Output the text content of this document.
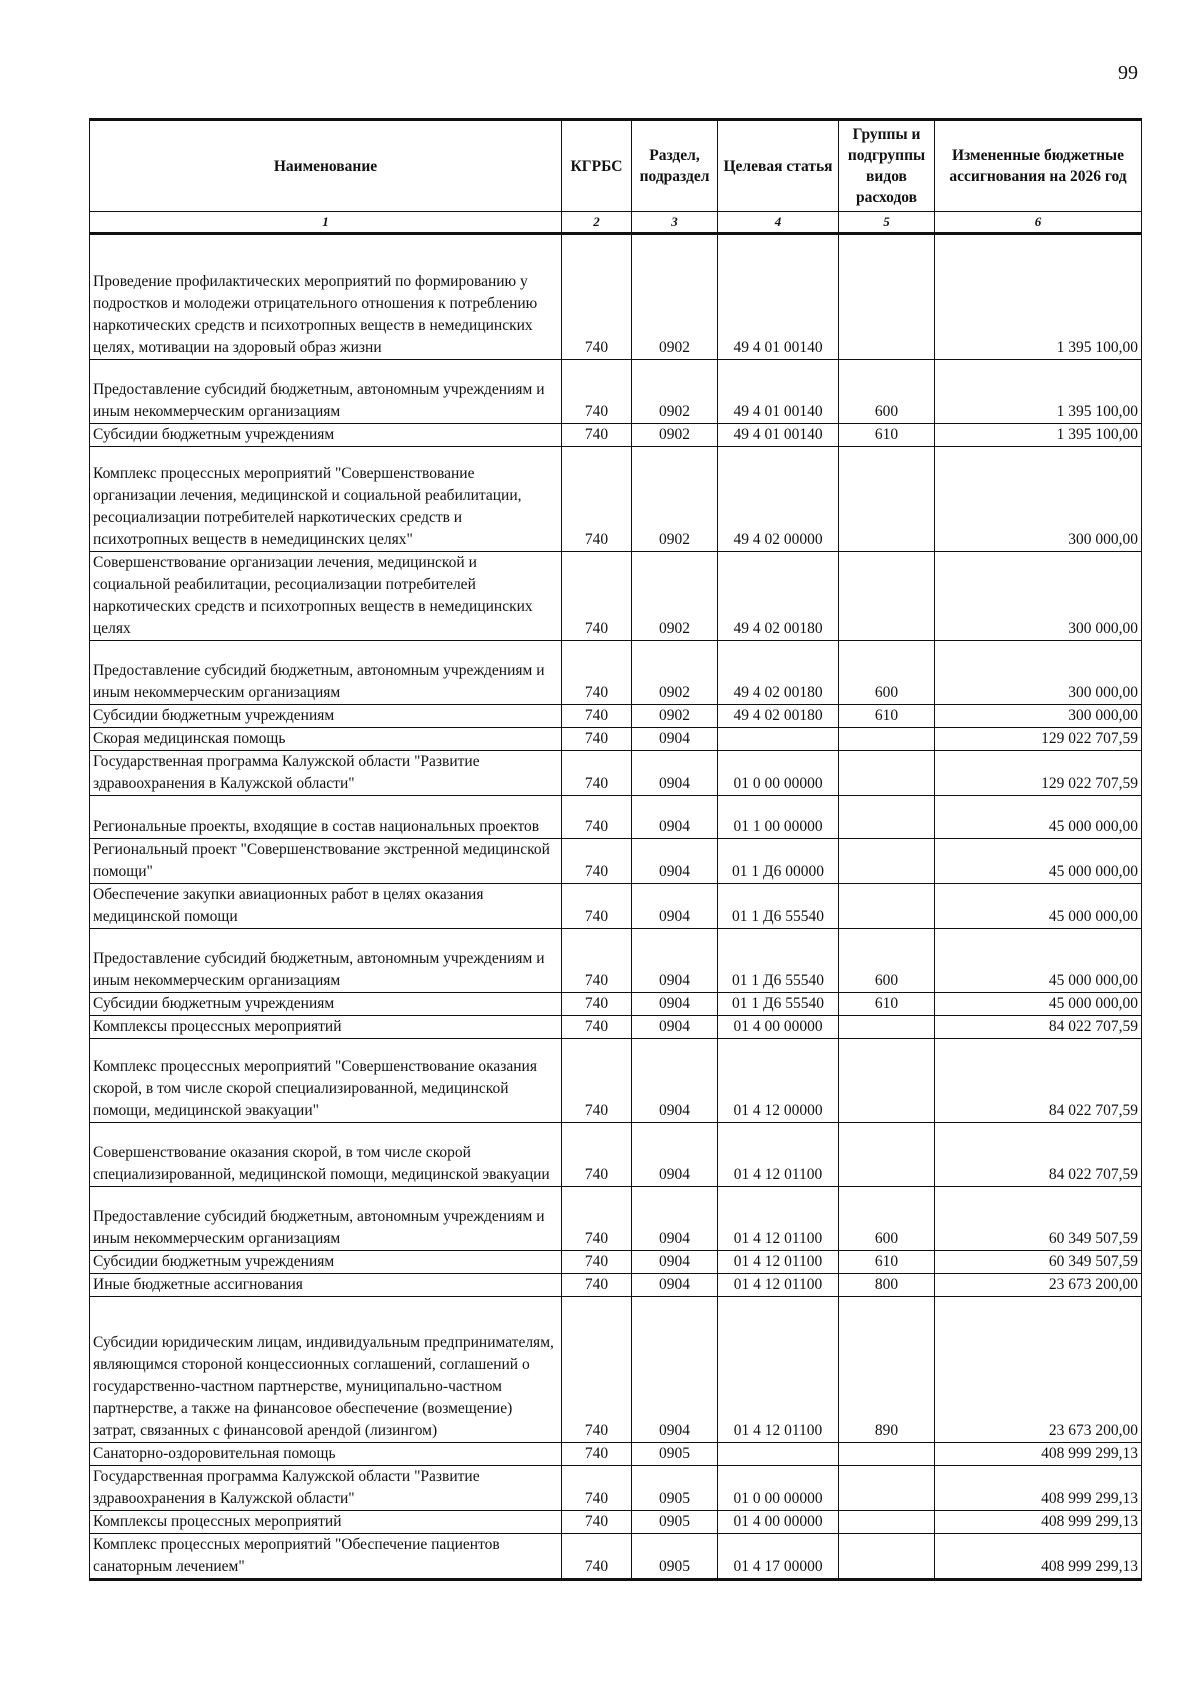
99
Наименование	КГРБС	Раздел, подраздел	Целевая статья	Группы и подгруппы видов расходов	Измененные бюджетные ассигнования на 2026 год
1	2	3	4	5	6
Проведение профилактических мероприятий по формированию у подростков и молодежи отрицательного отношения к потреблению наркотических средств и психотропных веществ в немедицинских целях, мотивации на здоровый образ жизни	740	0902	49 4 01 00140		1 395 100,00
Предоставление субсидий бюджетным, автономным учреждениям и иным некоммерческим организациям	740	0902	49 4 01 00140	600	1 395 100,00
Субсидии бюджетным учреждениям	740	0902	49 4 01 00140	610	1 395 100,00
Комплекс процессных мероприятий "Совершенствование организации лечения, медицинской и социальной реабилитации, ресоциализации потребителей наркотических средств и психотропных веществ в немедицинских целях"	740	0902	49 4 02 00000		300 000,00
Совершенствование организации лечения, медицинской и социальной реабилитации, ресоциализации потребителей наркотических средств и психотропных веществ в немедицинских целях	740	0902	49 4 02 00180		300 000,00
Предоставление субсидий бюджетным, автономным учреждениям и иным некоммерческим организациям	740	0902	49 4 02 00180	600	300 000,00
Субсидии бюджетным учреждениям	740	0902	49 4 02 00180	610	300 000,00
Скорая медицинская помощь	740	0904			129 022 707,59
Государственная программа Калужской области "Развитие здравоохранения в Калужской области"	740	0904	01 0 00 00000		129 022 707,59
Региональные проекты, входящие в состав национальных проектов	740	0904	01 1 00 00000		45 000 000,00
Региональный проект "Совершенствование экстренной медицинской помощи"	740	0904	01 1 Д6 00000		45 000 000,00
Обеспечение закупки авиационных работ в целях оказания медицинской помощи	740	0904	01 1 Д6 55540		45 000 000,00
Предоставление субсидий бюджетным, автономным учреждениям и иным некоммерческим организациям	740	0904	01 1 Д6 55540	600	45 000 000,00
Субсидии бюджетным учреждениям	740	0904	01 1 Д6 55540	610	45 000 000,00
Комплексы процессных мероприятий	740	0904	01 4 00 00000		84 022 707,59
Комплекс процессных мероприятий "Совершенствование оказания скорой, в том числе скорой специализированной, медицинской помощи, медицинской эвакуации"	740	0904	01 4 12 00000		84 022 707,59
Совершенствование оказания скорой, в том числе скорой специализированной, медицинской помощи, медицинской эвакуации	740	0904	01 4 12 01100		84 022 707,59
Предоставление субсидий бюджетным, автономным учреждениям и иным некоммерческим организациям	740	0904	01 4 12 01100	600	60 349 507,59
Субсидии бюджетным учреждениям	740	0904	01 4 12 01100	610	60 349 507,59
Иные бюджетные ассигнования	740	0904	01 4 12 01100	800	23 673 200,00
Субсидии юридическим лицам, индивидуальным предпринимателям, являющимся стороной концессионных соглашений, соглашений о государственно-частном партнерстве, муниципально-частном партнерстве, а также на финансовое обеспечение (возмещение) затрат, связанных с финансовой арендой (лизингом)	740	0904	01 4 12 01100	890	23 673 200,00
Санаторно-оздоровительная помощь	740	0905			408 999 299,13
Государственная программа Калужской области "Развитие здравоохранения в Калужской области"	740	0905	01 0 00 00000		408 999 299,13
Комплексы процессных мероприятий	740	0905	01 4 00 00000		408 999 299,13
Комплекс процессных мероприятий "Обеспечение пациентов санаторным лечением"	740	0905	01 4 17 00000		408 999 299,13
